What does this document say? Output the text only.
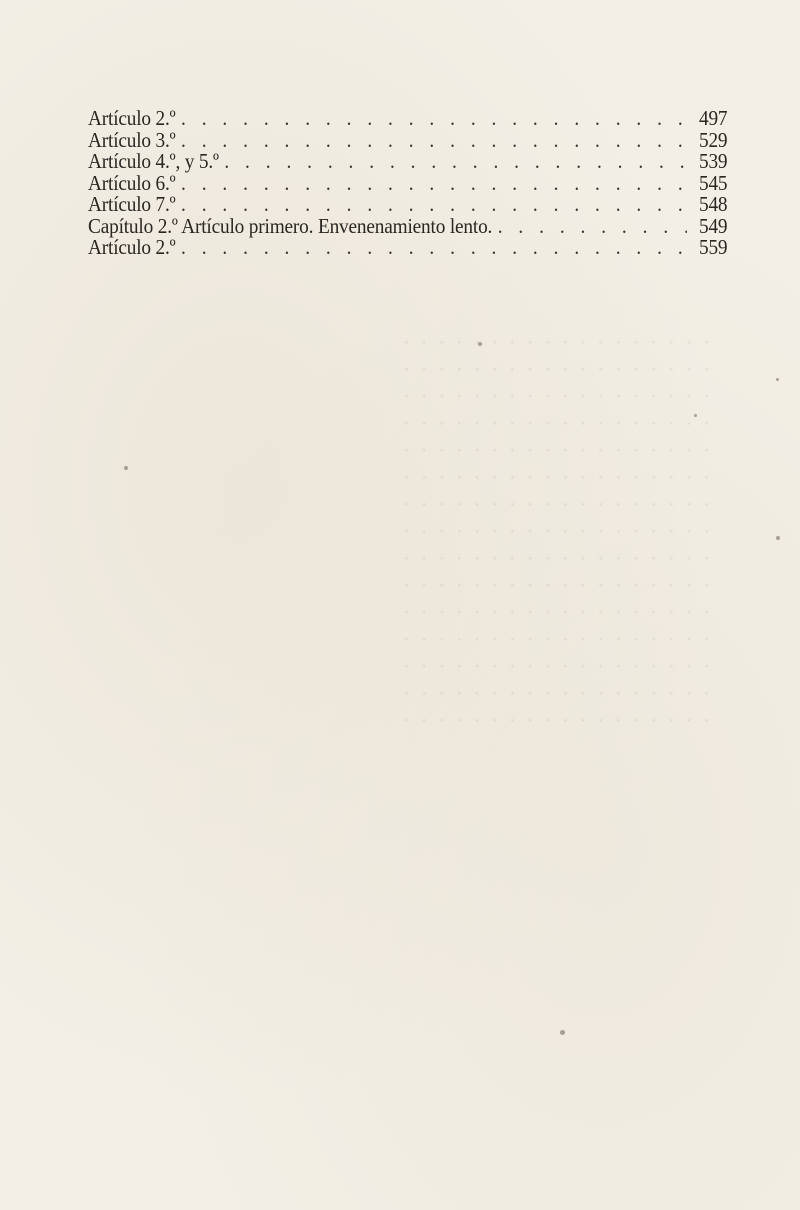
· · · · · · · · · · · · · · · · · ·
· · · · · · · · · · · · · · · · · ·
· · · · · · · · · · · · · · · · · ·
· · · · · · · · · · · · · · · · · ·
· · · · · · · · · · · · · · · · · ·
· · · · · · · · · · · · · · · · · ·
· · · · · · · · · · · · · · · · · ·
· · · · · · · · · · · · · · · · · ·
· · · · · · · · · · · · · · · · · ·
· · · · · · · · · · · · · · · · · ·
· · · · · · · · · · · · · · · · · ·
· · · · · · · · · · · · · · · · · ·
· · · · · · · · · · · · · · · · · ·
· · · · · · · · · · · · · · · · · ·
· · · · · · · · · · · · · · · · · ·
Artículo 2.º . . .	497
Artículo 3.º . . .	529
Artículo 4.º, y 5.º . . .	539
Artículo 6.º . . .	545
Artículo 7.º . . .	548
Capítulo 2.º Artículo primero. Envenenamiento lento. . . .	549
Artículo 2.º . . .	559
